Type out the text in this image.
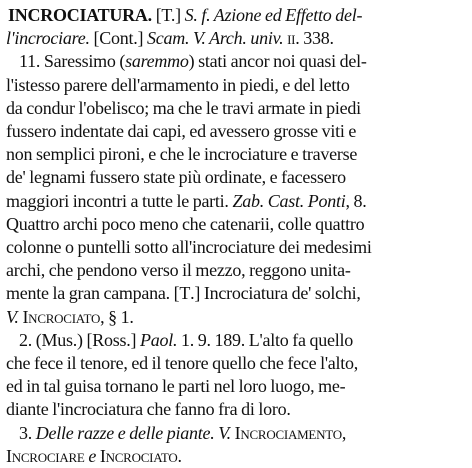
INCROCIATURA. [T.] S. f. Azione ed Effetto del-
l'incrociare. [Cont.] Scam. V. Arch. univ. ii. 338.
11. Saressimo (saremmo) stati ancor noi quasi del-
l'istesso parere dell'armamento in piedi, e del letto
da condur l'obelisco; ma che le travi armate in piedi
fussero indentate dai capi, ed avessero grosse viti e
non semplici pironi, e che le incrociature e traverse
de' legnami fussero state più ordinate, e facessero
maggiori incontri a tutte le parti. Zab. Cast. Ponti, 8.
Quattro archi poco meno che catenarii, colle quattro
colonne o puntelli sotto all'incrociature dei medesimi
archi, che pendono verso il mezzo, reggono unita-
mente la gran campana. [T.] Incrociatura de' solchi,
V. Incrociato, § 1.
2. (Mus.) [Ross.] Paol. 1. 9. 189. L'alto fa quello
che fece il tenore, ed il tenore quello che fece l'alto,
ed in tal guisa tornano le parti nel loro luogo, me-
diante l'incrociatura che fanno fra di loro.
3. Delle razze e delle piante. V. Incrociamento,
Incrociare e Incrociato.
